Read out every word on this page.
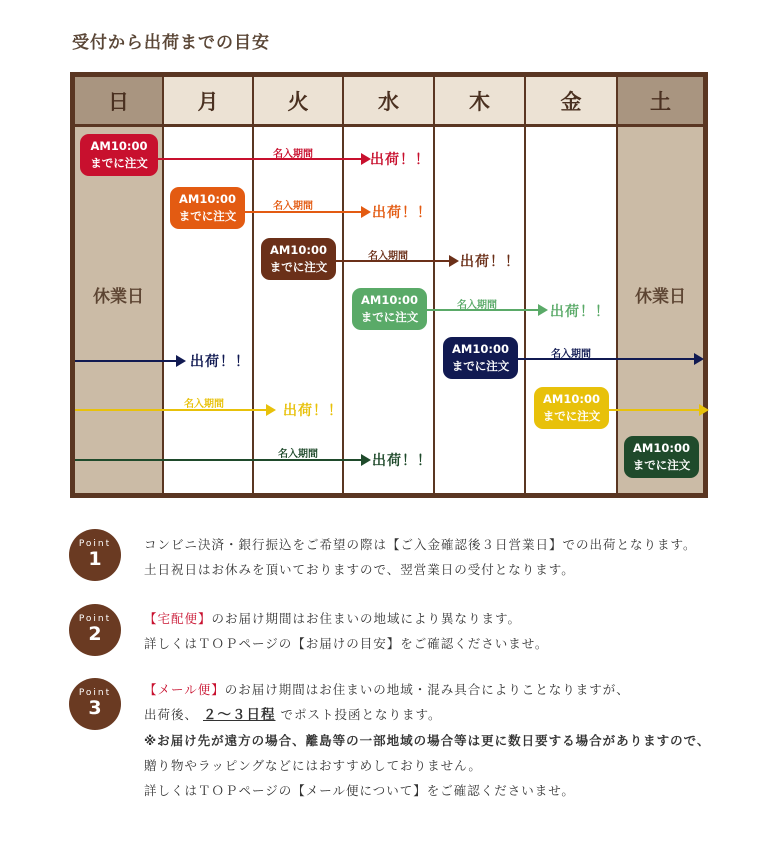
受付から出荷までの目安
日
休業日
月	火	水	木	金	土
休業日
名入期間	出荷！！
AM10:00
までに注文
名入期間	出荷！！
AM10:00
までに注文
名入期間	出荷！！
AM10:00
までに注文
名入期間	出荷！！
AM10:00
までに注文
名入期間
出荷！！
AM10:00
までに注文
名入期間	出荷！！
AM10:00
までに注文
名入期間	出荷！！
AM10:00
までに注文
Point
1
コンビニ決済・銀行振込をご希望の際は【ご入金確認後３日営業日】での出荷となります。
土日祝日はお休みを頂いておりますので、翌営業日の受付となります。
Point
2
【宅配便】のお届け期間はお住まいの地域により異なります。
詳しくはＴＯＰページの【お届けの目安】をご確認くださいませ。
Point
3
【メール便】のお届け期間はお住まいの地域・混み具合によりことなりますが、
出荷後、 ２～３日程 でポスト投函となります。
※お届け先が遠方の場合、離島等の一部地域の場合等は更に数日要する場合がありますので、
贈り物やラッピングなどにはおすすめしておりません。
詳しくはＴＯＰページの【メール便について】をご確認くださいませ。
